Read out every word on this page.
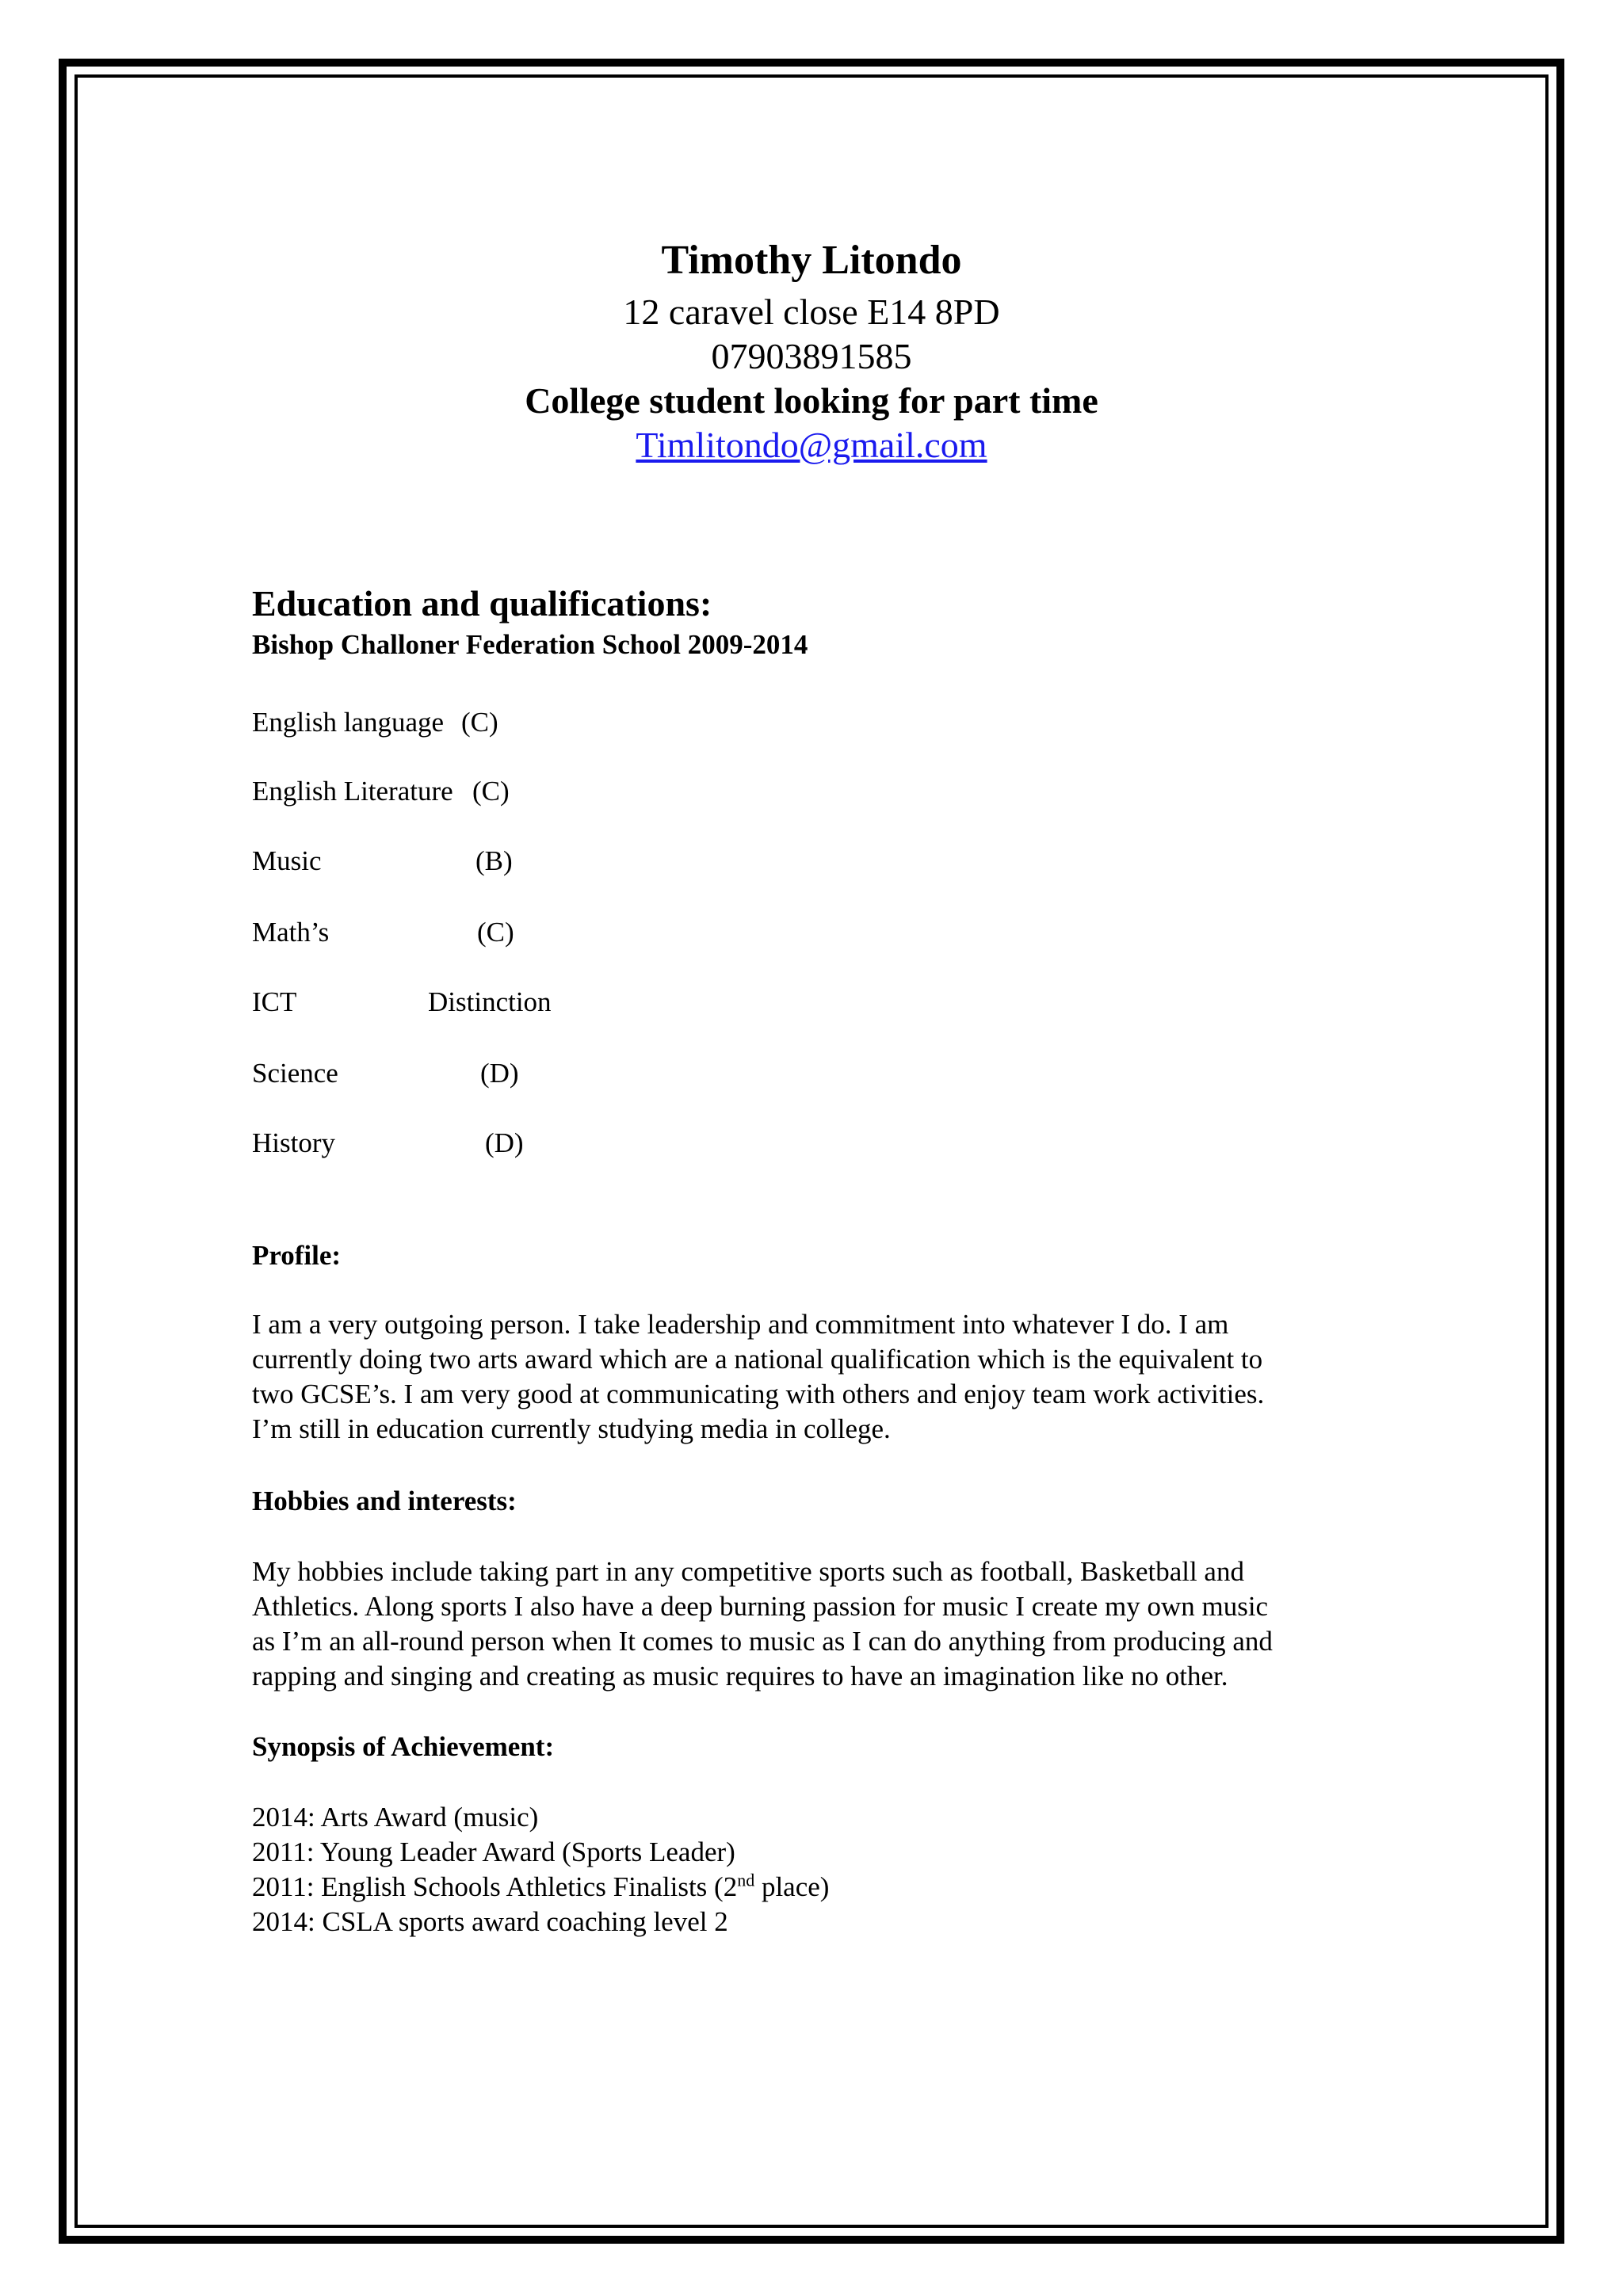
Timothy Litondo
12 caravel close E14 8PD
07903891585
College student looking for part time
Timlitondo@gmail.com
Education and qualifications:
Bishop Challoner Federation School 2009-2014
English language (C)
English Literature (C)
Music	(B)
Math’s	(C)
ICT	Distinction
Science	(D)
History	(D)
Profile:
I am a very outgoing person. I take leadership and commitment into whatever I do. I am
currently doing two arts award which are a national qualification which is the equivalent to
two GCSE’s. I am very good at communicating with others and enjoy team work activities.
I’m still in education currently studying media in college.
Hobbies and interests:
My hobbies include taking part in any competitive sports such as football, Basketball and
Athletics. Along sports I also have a deep burning passion for music I create my own music
as I’m an all-round person when It comes to music as I can do anything from producing and
rapping and singing and creating as music requires to have an imagination like no other.
Synopsis of Achievement:
2014: Arts Award (music)
2011: Young Leader Award (Sports Leader)
2011: English Schools Athletics Finalists (2nd place)
2014: CSLA sports award coaching level 2
